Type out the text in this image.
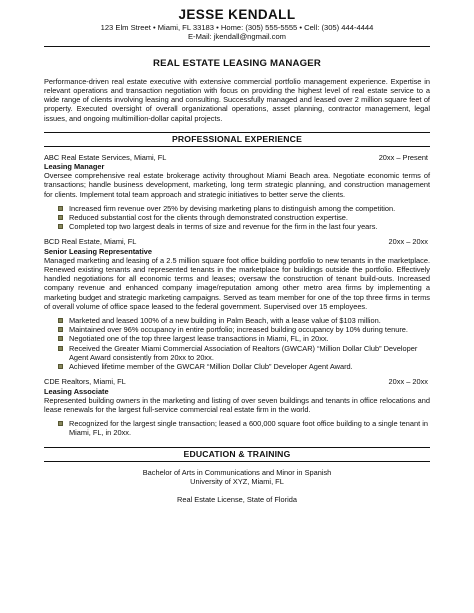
JESSE KENDALL
123 Elm Street • Miami, FL 33183 • Home: (305) 555-5555 • Cell: (305) 444-4444
E-Mail: jkendall@ngmail.com
REAL ESTATE LEASING MANAGER
Performance-driven real estate executive with extensive commercial portfolio management experience. Expertise in relevant operations and transaction negotiation with focus on providing the highest level of real estate service to a wide range of clients involving leasing and consulting. Successfully managed and leased over 2 million square feet of property. Executed oversight of overall organizational operations, asset planning, contractor management, legal issues, and ongoing multimillion-dollar capital projects.
PROFESSIONAL EXPERIENCE
ABC Real Estate Services, Miami, FL	20xx – Present
Leasing Manager
Oversee comprehensive real estate brokerage activity throughout Miami Beach area. Negotiate economic terms of transactions; handle business development, marketing, long term strategic planning, and construction management for clients. Implement total team approach and strategic initiatives to better serve the clients.
Increased firm revenue over 25% by devising marketing plans to distinguish among the competition.
Reduced substantial cost for the clients through demonstrated construction expertise.
Completed top two largest deals in terms of size and revenue for the firm in the last four years.
BCD Real Estate, Miami, FL	20xx – 20xx
Senior Leasing Representative
Managed marketing and leasing of a 2.5 million square foot office building portfolio to new tenants in the marketplace. Renewed existing tenants and represented tenants in the marketplace for buildings outside the portfolio. Effectively handled negotiations for all economic terms and leases; oversaw the construction of tenant build-outs. Increased company revenue and enhanced company image/reputation among other metro area firms by implementing a marketing budget and strategic marketing campaigns. Served as team member for one of the top three firms in terms of overall volume of office space leased to the federal government. Supervised over 15 employees.
Marketed and leased 100% of a new building in Palm Beach, with a lease value of $103 million.
Maintained over 96% occupancy in entire portfolio; increased building occupancy by 10% during tenure.
Negotiated one of the top three largest lease transactions in Miami, FL, in 20xx.
Received the Greater Miami Commercial Association of Realtors (GWCAR) “Million Dollar Club” Developer Agent Award consistently from 20xx to 20xx.
Achieved lifetime member of the GWCAR “Million Dollar Club” Developer Agent Award.
CDE Realtors, Miami, FL	20xx – 20xx
Leasing Associate
Represented building owners in the marketing and listing of over seven buildings and tenants in office relocations and lease renewals for the largest full-service commercial real estate firm in the world.
Recognized for the largest single transaction; leased a 600,000 square foot office building to a single tenant in Miami, FL, in 20xx.
EDUCATION & TRAINING
Bachelor of Arts in Communications and Minor in Spanish
University of XYZ, Miami, FL
Real Estate License, State of Florida
